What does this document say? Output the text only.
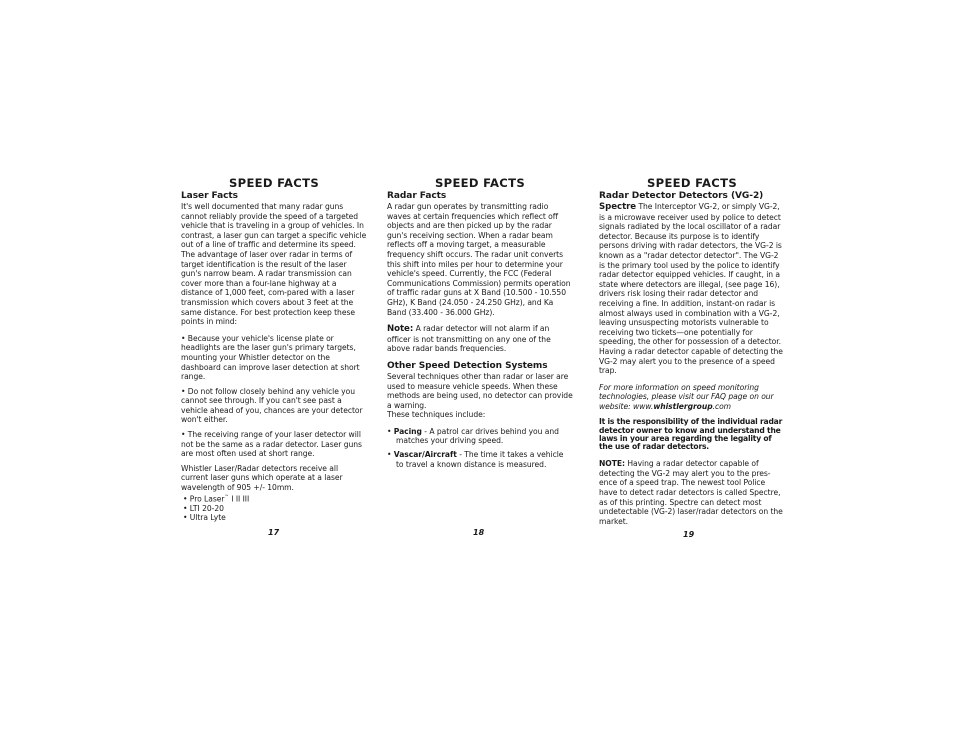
SPEED FACTS
Laser Facts

It's well documented that many radar guns cannot reliably provide the speed of a targeted vehicle that is traveling in a group of vehicles. In contrast, a laser gun can target a specific vehicle out of a line of traffic and determine its speed. The advantage of laser over radar in terms of target identification is the result of the laser gun's narrow beam. A radar transmission can cover more than a four-lane highway at a distance of 1,000 feet, com-pared with a laser transmission which covers about 3 feet at the same distance. For best protection keep these points in mind:

• Because your vehicle's license plate or headlights are the laser gun's primary targets, mounting your Whistler detector on the dashboard can improve laser detection at short range.
• Do not follow closely behind any vehicle you cannot see through. If you can't see past a vehicle ahead of you, chances are your detector won't either.
• The receiving range of your laser detector will not be the same as a radar detector. Laser guns are most often used at short range.

Whistler Laser/Radar detectors receive all current laser guns which operate at a laser wavelength of 905 +/- 10mm.

• Pro Laser™ I II III
• LTI 20-20
• Ultra Lyte
17
SPEED FACTS
Radar Facts

A radar gun operates by transmitting radio waves at certain frequencies which reflect off objects and are then picked up by the radar gun's receiving section. When a radar beam reflects off a moving target, a measurable frequency shift occurs. The radar unit converts this shift into miles per hour to determine your vehicle's speed. Currently, the FCC (Federal Communications Commission) permits operation of traffic radar guns at X Band (10.500 - 10.550 GHz), K Band (24.050 - 24.250 GHz), and Ka Band (33.400 - 36.000 GHz).

Note: A radar detector will not alarm if an officer is not transmitting on any one of the above radar bands frequencies.

Other Speed Detection Systems

Several techniques other than radar or laser are used to measure vehicle speeds. When these methods are being used, no detector can provide a warning.

These techniques include:

• Pacing - A patrol car drives behind you and matches your driving speed.
• Vascar/Aircraft - The time it takes a vehicle to travel a known distance is measured.
18
SPEED FACTS
Radar Detector Detectors (VG-2)

Spectre The Interceptor VG-2, or simply VG-2, is a microwave receiver used by police to detect signals radiated by the local oscillator of a radar detector. Because its purpose is to identify persons driving with radar detectors, the VG-2 is known as a "radar detector detector". The VG-2 is the primary tool used by the police to identify radar detector equipped vehicles. If caught, in a state where detectors are illegal, (see page 16), drivers risk losing their radar detector and receiving a fine. In addition, instant-on radar is almost always used in combination with a VG-2, leaving unsuspecting motorists vulnerable to receiving two tickets—one potentially for speeding, the other for possession of a detector. Having a radar detector capable of detecting the VG-2 may alert you to the presence of a speed trap.

For more information on speed monitoring technologies, please visit our FAQ page on our website: www.whistlergroup.com

It is the responsibility of the individual radar detector owner to know and understand the laws in your area regarding the legality of the use of radar detectors.

NOTE: Having a radar detector capable of detecting the VG-2 may alert you to the pres-ence of a speed trap. The newest tool Police have to detect radar detectors is called Spectre, as of this printing. Spectre can detect most undetectable (VG-2) laser/radar detectors on the market.

19
